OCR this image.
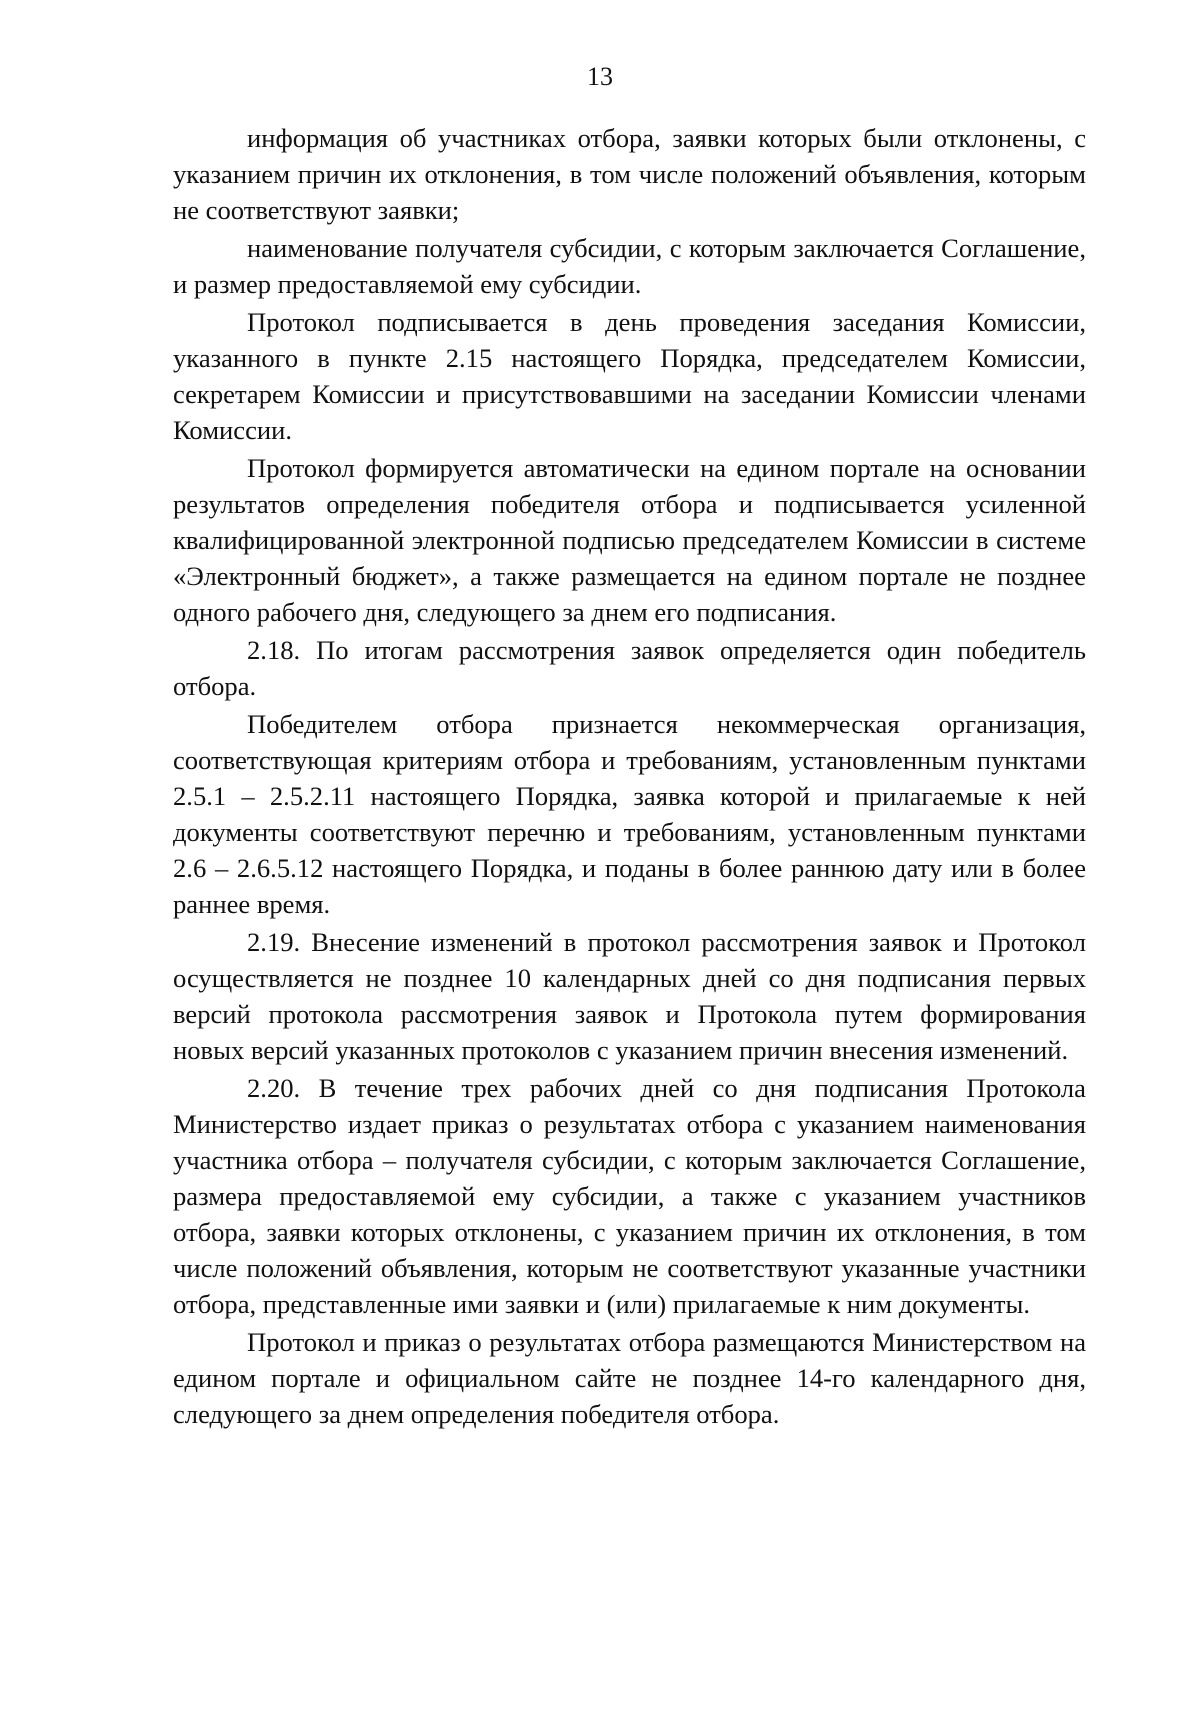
13

информация об участниках отбора, заявки которых были отклонены, с указанием причин их отклонения, в том числе положений объявления, которым не соответствуют заявки;

наименование получателя субсидии, с которым заключается Соглашение, и размер предоставляемой ему субсидии.

Протокол подписывается в день проведения заседания Комиссии, указанного в пункте 2.15 настоящего Порядка, председателем Комиссии, секретарем Комиссии и присутствовавшими на заседании Комиссии членами Комиссии.

Протокол формируется автоматически на едином портале на основании результатов определения победителя отбора и подписывается усиленной квалифицированной электронной подписью председателем Комиссии в системе «Электронный бюджет», а также размещается на едином портале не позднее одного рабочего дня, следующего за днем его подписания.

2.18. По итогам рассмотрения заявок определяется один победитель отбора.

Победителем отбора признается некоммерческая организация, соответствующая критериям отбора и требованиям, установленным пунктами 2.5.1 – 2.5.2.11 настоящего Порядка, заявка которой и прилагаемые к ней документы соответствуют перечню и требованиям, установленным пунктами 2.6 – 2.6.5.12 настоящего Порядка, и поданы в более раннюю дату или в более раннее время.

2.19. Внесение изменений в протокол рассмотрения заявок и Протокол осуществляется не позднее 10 календарных дней со дня подписания первых версий протокола рассмотрения заявок и Протокола путем формирования новых версий указанных протоколов с указанием причин внесения изменений.

2.20. В течение трех рабочих дней со дня подписания Протокола Министерство издает приказ о результатах отбора с указанием наименования участника отбора – получателя субсидии, с которым заключается Соглашение, размера предоставляемой ему субсидии, а также с указанием участников отбора, заявки которых отклонены, с указанием причин их отклонения, в том числе положений объявления, которым не соответствуют указанные участники отбора, представленные ими заявки и (или) прилагаемые к ним документы.

Протокол и приказ о результатах отбора размещаются Министерством на едином портале и официальном сайте не позднее 14-го календарного дня, следующего за днем определения победителя отбора.
